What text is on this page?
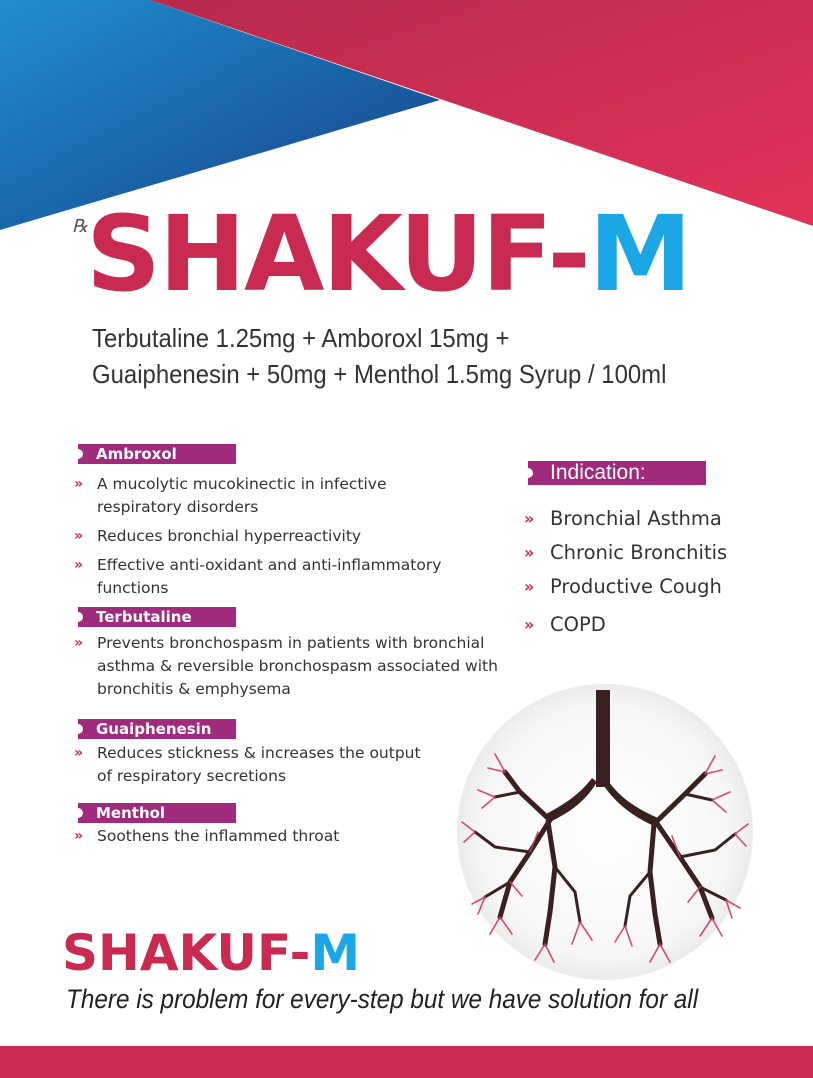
℞
SHAKUF-M
Terbutaline 1.25mg + Amboroxl 15mg +
Guaiphenesin + 50mg + Menthol 1.5mg Syrup / 100ml
Ambroxol
» A mucolytic mucokinectic in infective respiratory disorders
» Reduces bronchial hyperreactivity
» Effective anti-oxidant and anti-inflammatory functions
Terbutaline
» Prevents bronchospasm in patients with bronchial asthma & reversible bronchospasm associated with bronchitis & emphysema
Guaiphenesin
» Reduces stickness & increases the output of respiratory secretions
Menthol
» Soothens the inflammed throat
Indication:
» Bronchial Asthma
» Chronic Bronchitis
» Productive Cough
» COPD
SHAKUF-M
There is problem for every-step but we have solution for all
